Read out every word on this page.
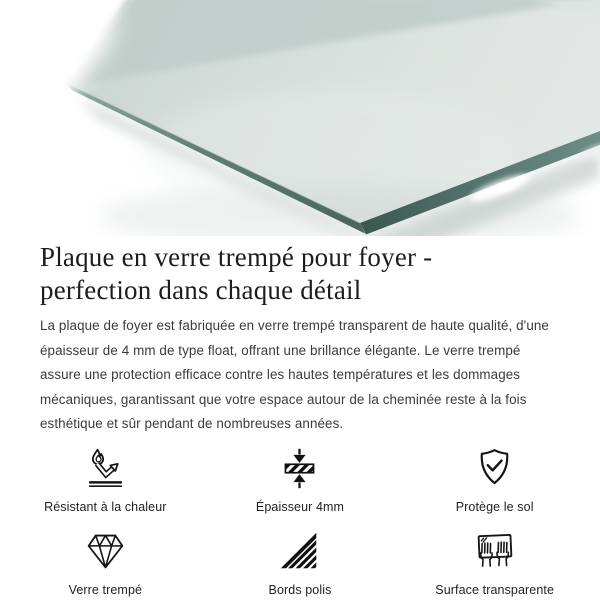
Plaque en verre trempé pour foyer -
perfection dans chaque détail

La plaque de foyer est fabriquée en verre trempé transparent de haute qualité, d'une épaisseur de 4 mm de type float, offrant une brillance élégante. Le verre trempé assure une protection efficace contre les hautes températures et les dommages mécaniques, garantissant que votre espace autour de la cheminée reste à la fois esthétique et sûr pendant de nombreuses années.

Résistant à la chaleur	Épaisseur 4mm	Protège le sol
Verre trempé	Bords polis	Surface transparente
